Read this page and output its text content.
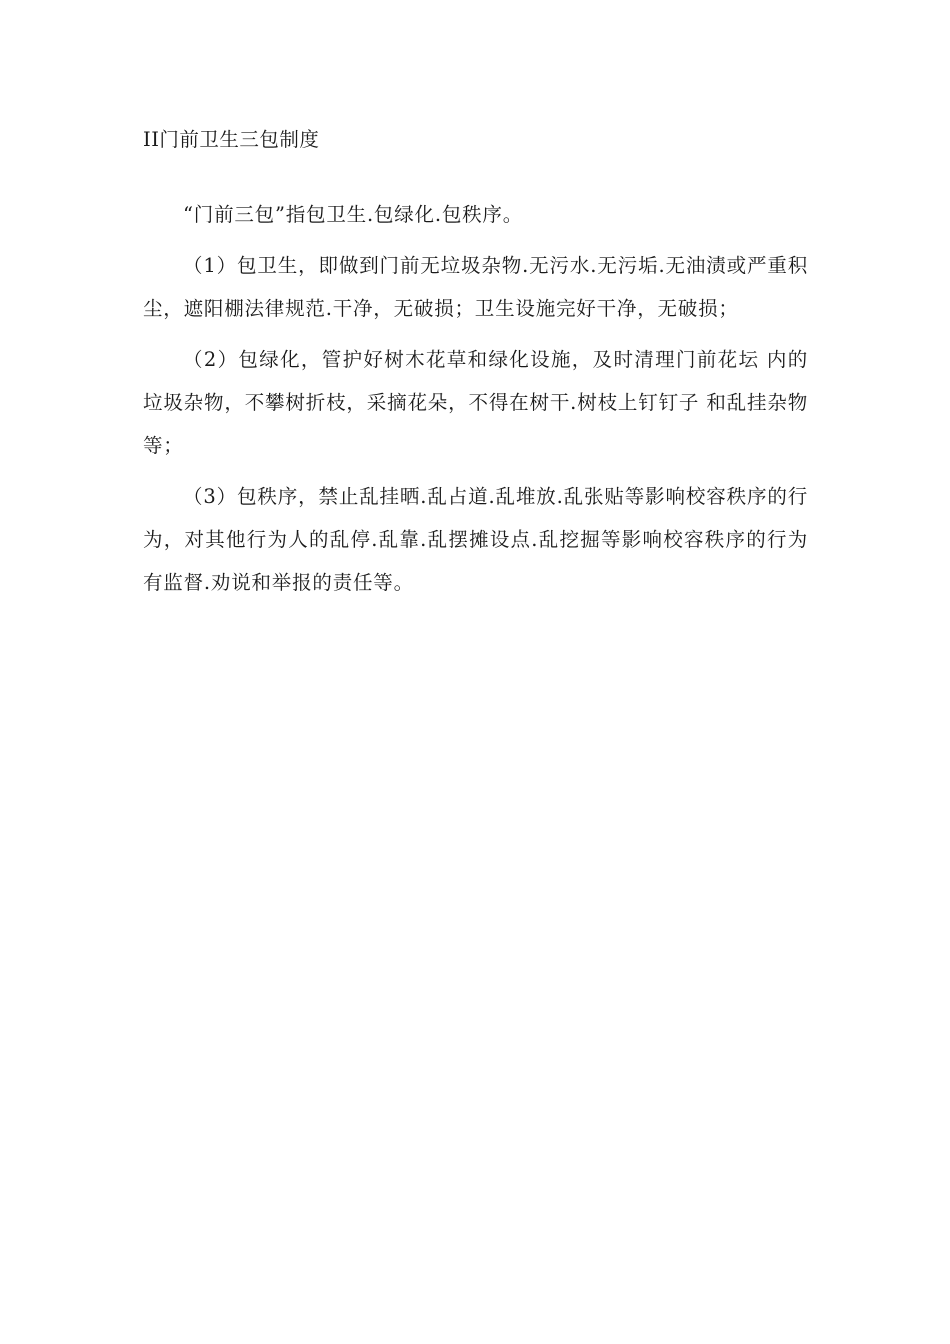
II门前卫生三包制度

“门前三包”指包卫生.包绿化.包秩序。

（1）包卫生，即做到门前无垃圾杂物.无污水.无污垢.无油渍或严重积尘，遮阳棚法律规范.干净，无破损；卫生设施完好干净，无破损；

（2）包绿化，管护好树木花草和绿化设施，及时清理门前花坛 内的垃圾杂物，不攀树折枝，采摘花朵，不得在树干.树枝上钉钉子 和乱挂杂物等；

（3）包秩序，禁止乱挂晒.乱占道.乱堆放.乱张贴等影响校容秩序的行为，对其他行为人的乱停.乱靠.乱摆摊设点.乱挖掘等影响校容秩序的行为有监督.劝说和举报的责任等。
